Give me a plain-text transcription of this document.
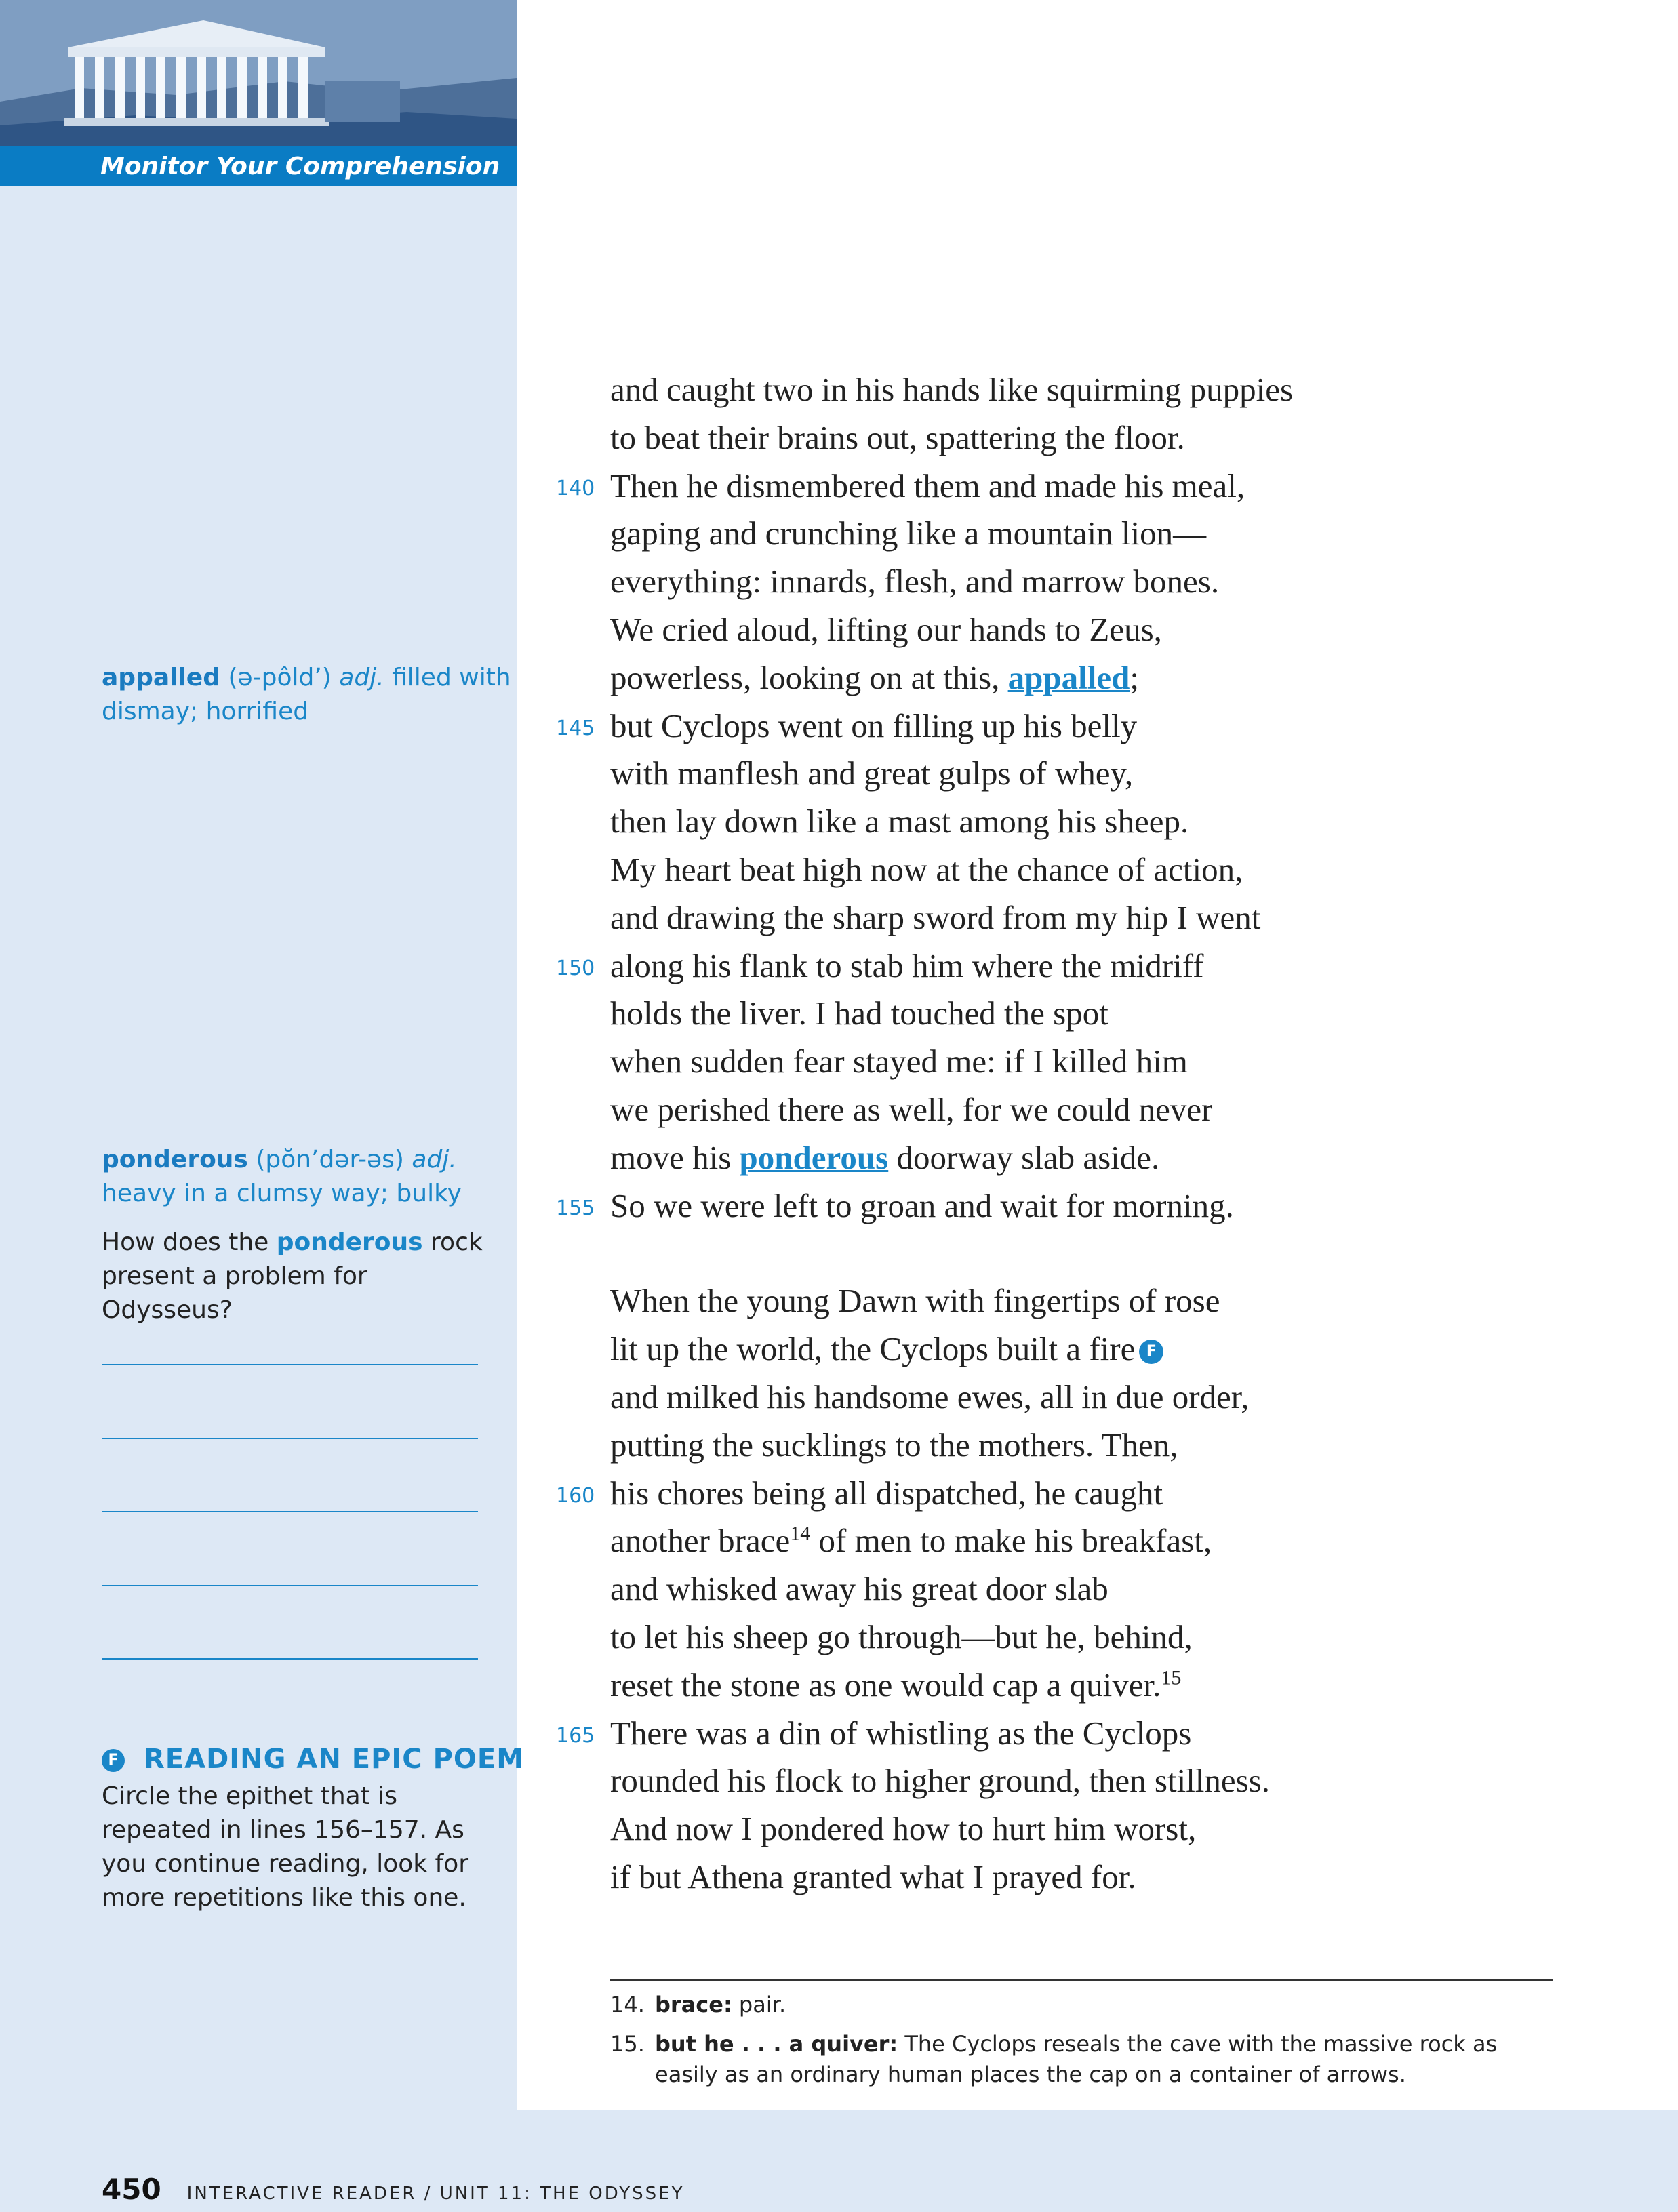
Monitor Your Comprehension
appalled (ə-pôld’) adj. filled with
dismay; horrified
ponderous (pŏn’dər-əs) adj.
heavy in a clumsy way; bulky
How does the ponderous rock present a problem for Odysseus?
F READING AN EPIC POEM
Circle the epithet that is repeated in lines 156–157. As you continue reading, look for more repetitions like this one.
and caught two in his hands like squirming puppies
to beat their brains out, spattering the floor.
Then he dismembered them and made his meal,
gaping and crunching like a mountain lion—
everything: innards, flesh, and marrow bones.
We cried aloud, lifting our hands to Zeus,
powerless, looking on at this, appalled;
but Cyclops went on filling up his belly
with manflesh and great gulps of whey,
then lay down like a mast among his sheep.
My heart beat high now at the chance of action,
and drawing the sharp sword from my hip I went
along his flank to stab him where the midriff
holds the liver. I had touched the spot
when sudden fear stayed me: if I killed him
we perished there as well, for we could never
move his ponderous doorway slab aside.
So we were left to groan and wait for morning.
When the young Dawn with fingertips of rose
lit up the world, the Cyclops built a fire F
and milked his handsome ewes, all in due order,
putting the sucklings to the mothers. Then,
his chores being all dispatched, he caught
another brace$^{14}$ of men to make his breakfast,
and whisked away his great door slab
to let his sheep go through—but he, behind,
reset the stone as one would cap a quiver.$^{15}$
There was a din of whistling as the Cyclops
rounded his flock to higher ground, then stillness.
And now I pondered how to hurt him worst,
if but Athena granted what I prayed for.
140
145
150
155
160
165
14. brace: pair.
15. but he . . . a quiver: The Cyclops reseals the cave with the massive rock as
easily as an ordinary human places the cap on a container of arrows.
450 INTERACTIVE READER / UNIT 11: THE ODYSSEY
